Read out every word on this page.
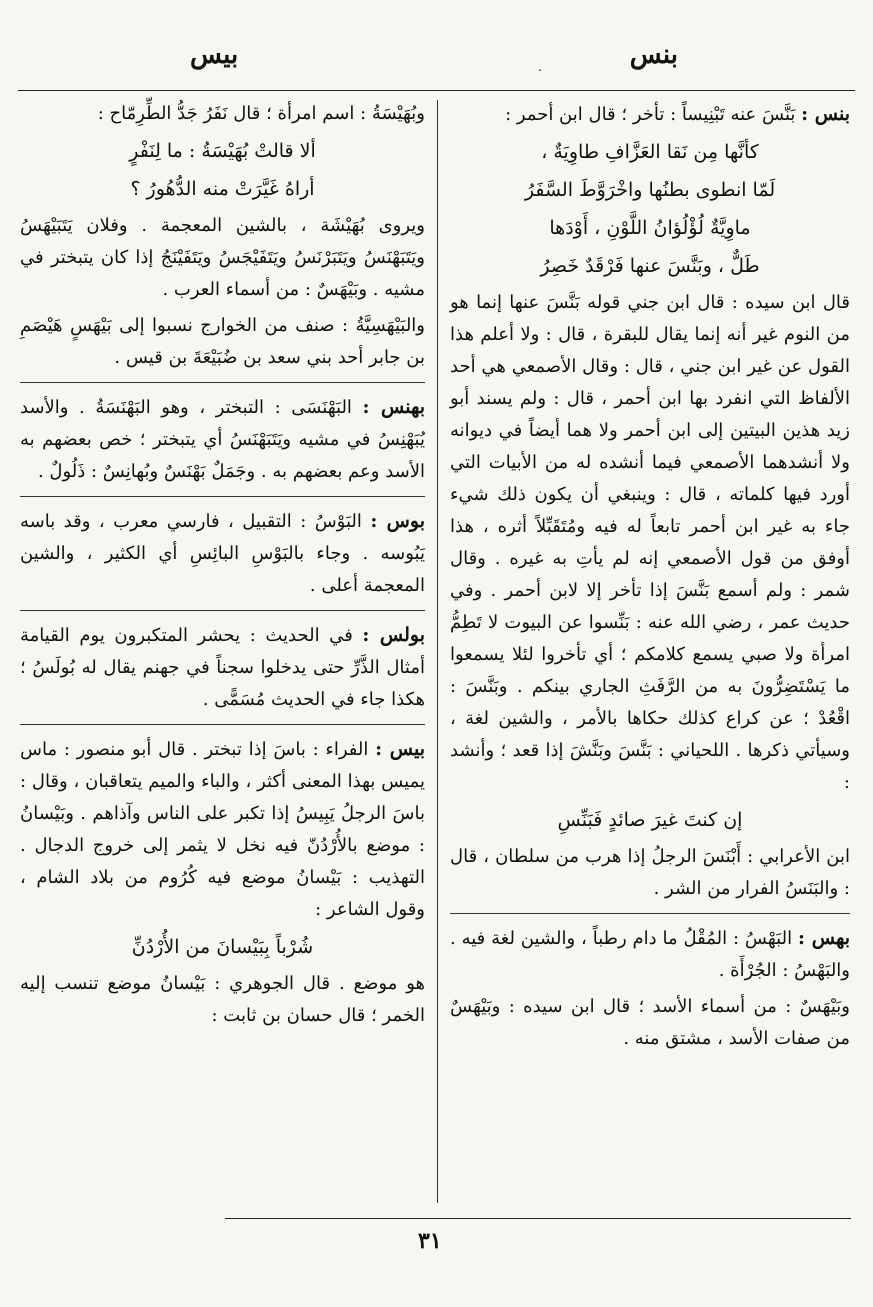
بنس
.
بيس

بنس : بَنَّسَ عنه تَبْنِيساً : تأخر ؛ قال ابن أحمر :

كأنَّها مِن نَقا العَزَّافِ طاوِيَةٌ ،
لَمّا انطوى بطنُها واخْرَوَّطَ السَّفَرُ
ماوِيَّةٌ لُؤْلُؤانُ اللَّوْنِ ، أَوْدَها
طَلٌّ ، وبَنَّسَ عنها فَرْقَدٌ خَصِرُ

قال ابن سيده : قال ابن جني قوله بَنَّسَ عنها إنما هو من النوم غير أنه إنما يقال للبقرة ، قال : ولا أعلم هذا القول عن غير ابن جني ، قال : وقال الأصمعي هي أحد الألفاظ التي انفرد بها ابن أحمر ، قال : ولم يسند أبو زيد هذين البيتين إلى ابن أحمر ولا هما أيضاً في ديوانه ولا أنشدهما الأصمعي فيما أنشده له من الأبيات التي أورد فيها كلماته ، قال : وينبغي أن يكون ذلك شيء جاء به غير ابن أحمر تابعاً له فيه ومُتَقَبِّلاً أثره ، هذا أوفق من قول الأصمعي إنه لم يأتِ به غيره . وقال شمر : ولم أسمع بَنَّسَ إذا تأخر إلا لابن أحمر . وفي حديث عمر ، رضي الله عنه : بَنِّسوا عن البيوت لا تَطِمُّ امرأة ولا صبي يسمع كلامكم ؛ أي تأخروا لئلا يسمعوا ما يَسْتَضِرُّونَ به من الرَّفَثِ الجاري بينكم . وبَنَّسَ : اقْعُدْ ؛ عن كراع كذلك حكاها بالأمر ، والشين لغة ، وسيأتي ذكرها . اللحياني : بَنَّسَ وبَنَّشَ إذا قعد ؛ وأنشد :

إن كنتَ غيرَ صائدٍ فَبَنِّسِ

ابن الأعرابي : أَبْنَسَ الرجلُ إذا هرب من سلطان ، قال : والبَنَسُ الفرار من الشر .

بهس : البَهْسُ : المُقْلُ ما دام رطباً ، والشين لغة فيه . والبَهْسُ : الجُرْأَة .

وبَيْهَسٌ : من أسماء الأسد ؛ قال ابن سيده : وبَيْهَسٌ من صفات الأسد ، مشتق منه .

وبُهَيْسَةُ : اسم امرأة ؛ قال نَفَرُ جَدُّ الطِّرِمّاح :

ألا قالتْ بُهَيْسَةُ : ما لِنَفْرٍ
أراهُ غَيَّرَتْ منه الدُّهُورُ ؟

ويروى بُهَيْشَة ، بالشين المعجمة . وفلان يَتَبَيْهَسُ ويَتَبَهْنَسُ ويَتَبَرْنَسُ ويَتَفَيْجَسُ ويَتَفَيْنَجُ إذا كان يتبختر في مشيه . وبَيْهَسٌ : من أسماء العرب .

والبَيْهَسِيَّةُ : صنف من الخوارج نسبوا إلى بَيْهَسٍ هَيْصَمِ بن جابر أحد بني سعد بن ضُبَيْعَةَ بن قيس .

بهنس : البَهْنَسَى : التبختر ، وهو البَهْنَسَةُ . والأسد يُبَهْنِسُ في مشيه ويَتَبَهْنَسُ أي يتبختر ؛ خص بعضهم به الأسد وعم بعضهم به . وجَمَلٌ بَهْنَسٌ وبُهانِسٌ : ذَلُولٌ .

بوس : البَوْسُ : التقبيل ، فارسي معرب ، وقد باسه يَبُوسه . وجاء بالبَوْسِ البائِسِ أي الكثير ، والشين المعجمة أعلى .

بولس : في الحديث : يحشر المتكبرون يوم القيامة أمثال الذَّرِّ حتى يدخلوا سجناً في جهنم يقال له بُولَسُ ؛ هكذا جاء في الحديث مُسَمًّى .

بيس : الفراء : باسَ إذا تبختر . قال أبو منصور : ماس يميس بهذا المعنى أكثر ، والباء والميم يتعاقبان ، وقال : باسَ الرجلُ يَبِيسُ إذا تكبر على الناس وآذاهم . وبَيْسانُ : موضع بالأُرْدُنّ فيه نخل لا يثمر إلى خروج الدجال . التهذيب : بَيْسانُ موضع فيه كُرُوم من بلاد الشام ، وقول الشاعر :

شُرْباً بِبَيْسانَ من الأُرْدُنِّ

هو موضع . قال الجوهري : بَيْسانُ موضع تنسب إليه الخمر ؛ قال حسان بن ثابت :

٣١
